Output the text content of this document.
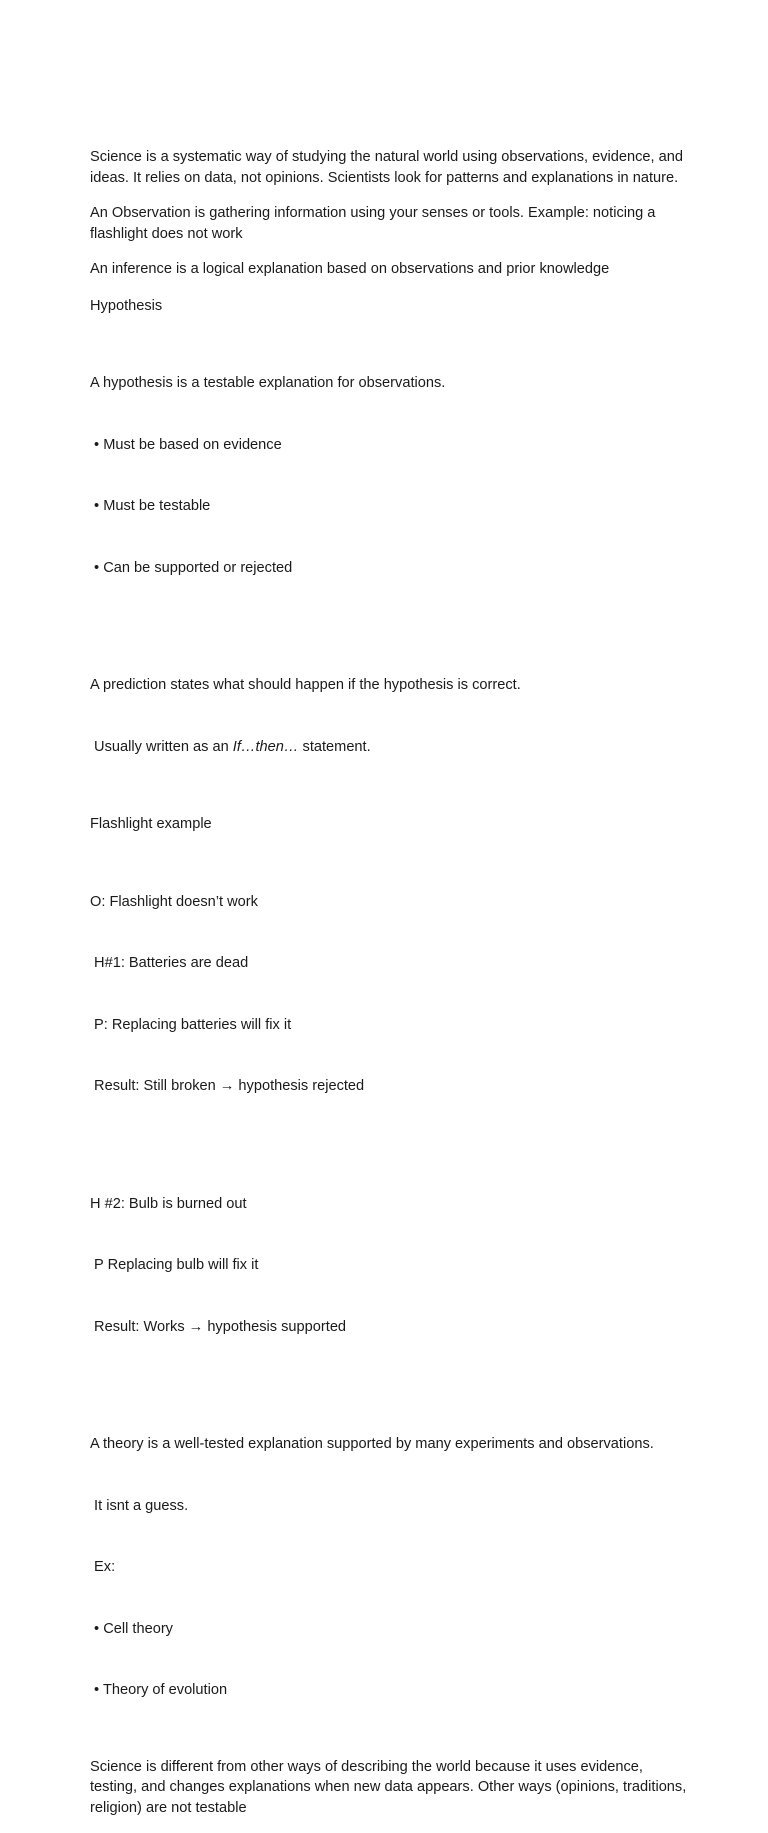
Science is a systematic way of studying the natural world using observations, evidence, and ideas. It relies on data, not opinions. Scientists look for patterns and explanations in nature.

An Observation is gathering information using your senses or tools. Example: noticing a flashlight does not work

An inference is a logical explanation based on observations and prior knowledge

Hypothesis

A hypothesis is a testable explanation for observations.

• Must be based on evidence

• Must be testable

• Can be supported or rejected

A prediction states what should happen if the hypothesis is correct.

Usually written as an If…then… statement.

Flashlight example

O: Flashlight doesn’t work

H#1: Batteries are dead

P: Replacing batteries will fix it

Result: Still broken → hypothesis rejected

H #2: Bulb is burned out

P Replacing bulb will fix it

Result: Works → hypothesis supported

A theory is a well-tested explanation supported by many experiments and observations.

It isnt a guess.

Ex:

• Cell theory

• Theory of evolution

Science is different from other ways of describing the world because it uses evidence, testing, and changes explanations when new data appears. Other ways (opinions, traditions, religion) are not testable
